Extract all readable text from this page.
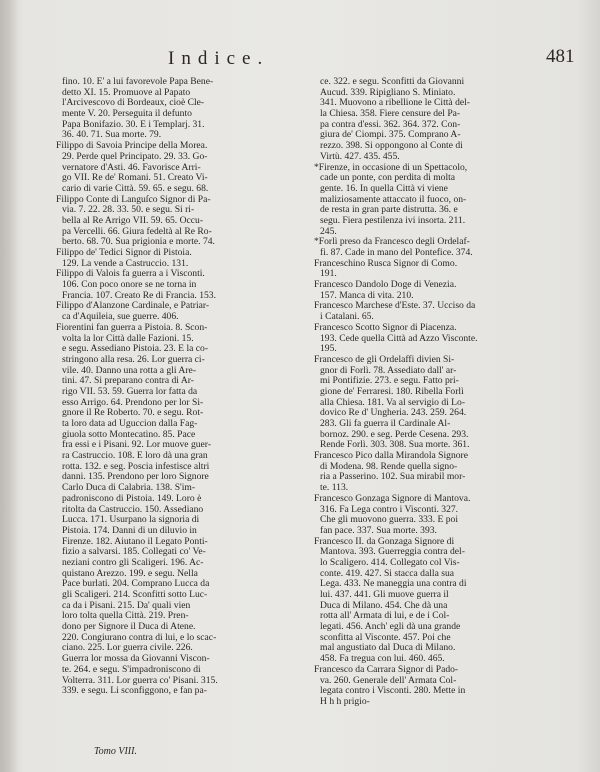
Indice.	481
fino. 10. E' a lui favorevole Papa Bene-
detto XI. 15. Promuove al Papato
l'Arcivescovo di Bordeaux, cioè Cle-
mente V. 20. Perseguita il defunto
Papa Bonifazio. 30. E i Templarj. 31.
36. 40. 71. Sua morte. 79.
Filippo di Savoia Principe della Morea.
29. Perde quel Principato. 29. 33. Go-
vernatore d'Asti. 46. Favorisce Arri-
go VII. Re de' Romani. 51. Creato Vi-
cario di varie Città. 59. 65. e segu. 68.
Filippo Conte di Languſco Signor di Pa-
via. 7. 22. 28. 33. 50. e segu. Si ri-
bella al Re Arrigo VII. 59. 65. Occu-
pa Vercelli. 66. Giura fedeltà al Re Ro-
berto. 68. 70. Sua prigionia e morte. 74.
Filippo de' Tedici Signor di Pistoia.
129. La vende a Castruccio. 131.
Filippo di Valois fa guerra a i Visconti.
106. Con poco onore se ne torna in
Francia. 107. Creato Re di Francia. 153.
Filippo d'Alanzone Cardinale, e Patriar-
ca d'Aquileia, sue guerre. 406.
Fiorentini fan guerra a Pistoia. 8. Scon-
volta la lor Città dalle Fazioni. 15.
e segu. Assediano Pistoia. 23. E la co-
stringono alla resa. 26. Lor guerra ci-
vile. 40. Danno una rotta a gli Are-
tini. 47. Si preparano contra di Ar-
rigo VII. 53. 59. Guerra lor fatta da
esso Arrigo. 64. Prendono per lor Si-
gnore il Re Roberto. 70. e segu. Rot-
ta loro data ad Uguccion dalla Fag-
giuola sotto Montecatino. 85. Pace
fra essi e i Pisani. 92. Lor muove guer-
ra Castruccio. 108. E loro dà una gran
rotta. 132. e seg. Poscia infestisce altri
danni. 135. Prendono per loro Signore
Carlo Duca di Calabria. 138. S'im-
padroniscono di Pistoia. 149. Loro è
ritolta da Castruccio. 150. Assediano
Lucca. 171. Usurpano la signoria di
Pistoia. 174. Danni di un diluvio in
Firenze. 182. Aiutano il Legato Ponti-
fizio a salvarsi. 185. Collegati co' Ve-
neziani contro gli Scaligeri. 196. Ac-
quistano Arezzo. 199. e segu. Nella
Pace burlati. 204. Comprano Lucca da
gli Scaligeri. 214. Sconfitti sotto Luc-
ca da i Pisani. 215. Da' quali vien
loro tolta quella Città. 219. Pren-
dono per Signore il Duca di Atene.
220. Congiurano contra di lui, e lo scac-
ciano. 225. Lor guerra civile. 226.
Guerra lor mossa da Giovanni Viscon-
te. 264. e segu. S'impadroniscono di
Volterra. 311. Lor guerra co' Pisani. 315.
339. e segu. Li sconfiggono, e fan pa-
ce. 322. e segu. Sconfitti da Giovanni
Aucud. 339. Ripigliano S. Miniato.
341. Muovono a ribellione le Città del-
la Chiesa. 358. Fiere censure del Pa-
pa contra d'essi. 362. 364. 372. Con-
giura de' Ciompi. 375. Comprano A-
rezzo. 398. Si oppongono al Conte di
Virtù. 427. 435. 455.
*Firenze, in occasione di un Spettacolo,
cade un ponte, con perdita di molta
gente. 16. In quella Città vi viene
maliziosamente attaccato il fuoco, on-
de resta in gran parte distrutta. 36. e
segu. Fiera pestilenza ivi insorta. 211.
245.
*Forlì preso da Francesco degli Ordelaf-
fi. 87. Cade in mano del Pontefice. 374.
Franceschino Rusca Signor di Como.
191.
Francesco Dandolo Doge di Venezia.
157. Manca di vita. 210.
Francesco Marchese d'Este. 37. Ucciso da
i Catalani. 65.
Francesco Scotto Signor di Piacenza.
193. Cede quella Città ad Azzo Visconte.
195.
Francesco de gli Ordelaffi divien Si-
gnor di Forlì. 78. Assediato dall' ar-
mi Pontifizie. 273. e segu. Fatto pri-
gione de' Ferraresi. 180. Ribella Forlì
alla Chiesa. 181. Va al servigio di Lo-
dovico Re d' Ungheria. 243. 259. 264.
283. Gli fa guerra il Cardinale Al-
bornoz. 290. e seg. Perde Cesena. 293.
Rende Forlì. 303. 308. Sua morte. 361.
Francesco Pico dalla Mirandola Signore
di Modena. 98. Rende quella signo-
ria a Passerino. 102. Sua mirabil mor-
te. 113.
Francesco Gonzaga Signore di Mantova.
316. Fa Lega contro i Visconti. 327.
Che gli muovono guerra. 333. E poi
fan pace. 337. Sua morte. 393.
Francesco II. da Gonzaga Signore di
Mantova. 393. Guerreggia contra del-
lo Scaligero. 414. Collegato col Vis-
conte. 419. 427. Si stacca dalla sua
Lega. 433. Ne maneggia una contra di
lui. 437. 441. Gli muove guerra il
Duca di Milano. 454. Che dà una
rotta all' Armata di lui, e de i Col-
legati. 456. Anch' egli dà una grande
sconfitta al Visconte. 457. Poi che
mal angustiato dal Duca di Milano.
458. Fa tregua con lui. 460. 465.
Francesco da Carrara Signor di Pado-
va. 260. Generale dell' Armata Col-
legata contro i Visconti. 280. Mette in
H h h prigio-
Tomo VIII.
